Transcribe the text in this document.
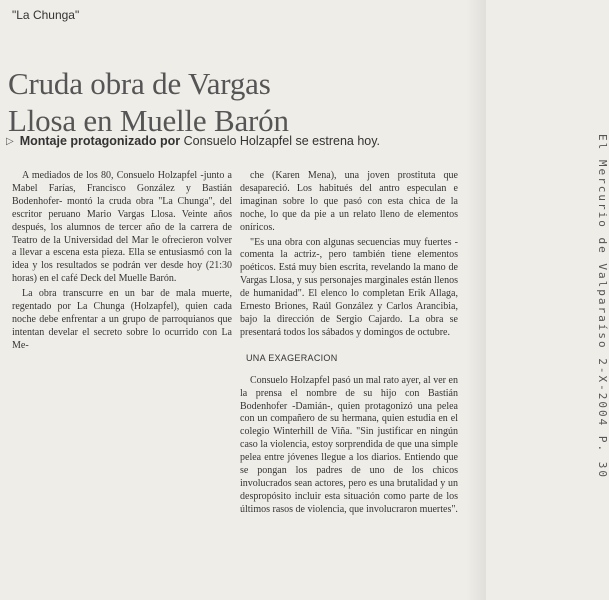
"La Chunga"
Cruda obra de Vargas Llosa en Muelle Barón
▷ Montaje protagonizado por Consuelo Holzapfel se estrena hoy.

A mediados de los 80, Consuelo Holzapfel -junto a Mabel Farías, Francisco González y Bastián Bodenhofer- montó la cruda obra "La Chunga", del escritor peruano Mario Vargas Llosa. Veinte años después, los alumnos de tercer año de la carrera de Teatro de la Universidad del Mar le ofrecieron volver a llevar a escena esta pieza. Ella se entusiasmó con la idea y los resultados se podrán ver desde hoy (21:30 horas) en el café Deck del Muelle Barón.

La obra transcurre en un bar de mala muerte, regentado por La Chunga (Holzapfel), quien cada noche debe enfrentar a un grupo de parroquianos que intentan develar el secreto sobre lo ocurrido con La Me-

che (Karen Mena), una joven prostituta que desapareció. Los habitués del antro especulan e imaginan sobre lo que pasó con esta chica de la noche, lo que da pie a un relato lleno de elementos oníricos.

"Es una obra con algunas secuencias muy fuertes -comenta la actriz-, pero también tiene elementos poéticos. Está muy bien escrita, revelando la mano de Vargas Llosa, y sus personajes marginales están llenos de humanidad". El elenco lo completan Erik Allaga, Ernesto Briones, Raúl González y Carlos Arancibia, bajo la dirección de Sergio Cajardo. La obra se presentará todos los sábados y domingos de octubre.

UNA EXAGERACION

Consuelo Holzapfel pasó un mal rato ayer, al ver en la prensa el nombre de su hijo con Bastián Bodenhofer -Damián-, quien protagonizó una pelea con un compañero de su hermana, quien estudia en el colegio Winterhill de Viña. "Sin justificar en ningún caso la violencia, estoy sorprendida de que una simple pelea entre jóvenes llegue a los diarios. Entiendo que se pongan los padres de uno de los chicos involucrados sean actores, pero es una brutalidad y un despropósito incluir esta situación como parte de los últimos rasos de violencia, que involucraron muertes".

El Mercurio de Valparaíso 2-X-2004 P. 30
